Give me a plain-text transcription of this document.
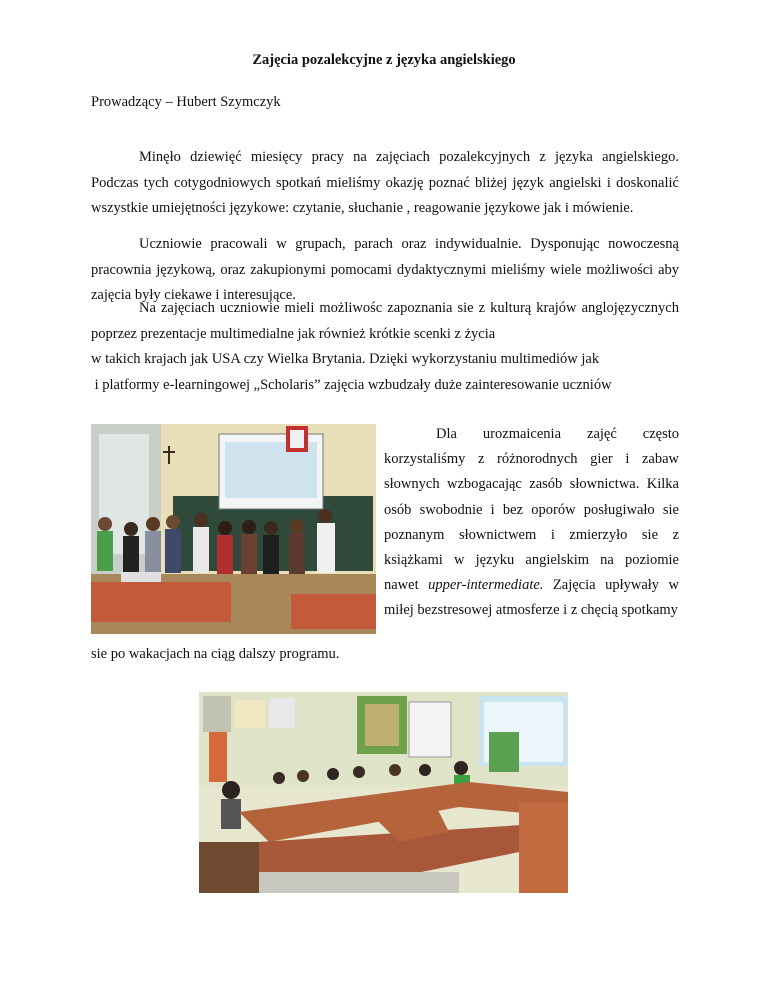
Zajęcia pozalekcyjne z języka angielskiego
Prowadzący – Hubert Szymczyk

Minęło dziewięć miesięcy pracy na zajęciach pozalekcyjnych z języka angielskiego. Podczas tych cotygodniowych spotkań mieliśmy okazję poznać bliżej język angielski i doskonalić wszystkie umiejętności językowe: czytanie, słuchanie , reagowanie językowe jak i mówienie.

Uczniowie pracowali w grupach, parach oraz indywidualnie. Dysponując nowoczesną pracownia językową, oraz zakupionymi pomocami dydaktycznymi mieliśmy wiele możliwości aby zajęcia były ciekawe i interesujące.

Na zajęciach uczniowie mieli możliwośc zapoznania sie z kulturą krajów anglojęzycznych poprzez prezentacje multimedialne jak również krótkie scenki z życia
w takich krajach jak USA czy Wielka Brytania. Dzięki wykorzystaniu multimediów jak
i platformy e-learningowej „Scholaris” zajęcia wzbudzały duże zainteresowanie uczniów

Dla urozmaicenia zajęć często korzystaliśmy z różnorodnych gier i zabaw słownych wzbogacając zasób słownictwa. Kilka osób swobodnie i bez oporów posługiwało sie poznanym słownictwem i zmierzyło sie z książkami w języku angielskim na poziomie nawet upper-intermediate. Zajęcia upływały w miłej bezstresowej atmosferze i z chęcią spotkamy

sie po wakacjach na ciąg dalszy programu.
